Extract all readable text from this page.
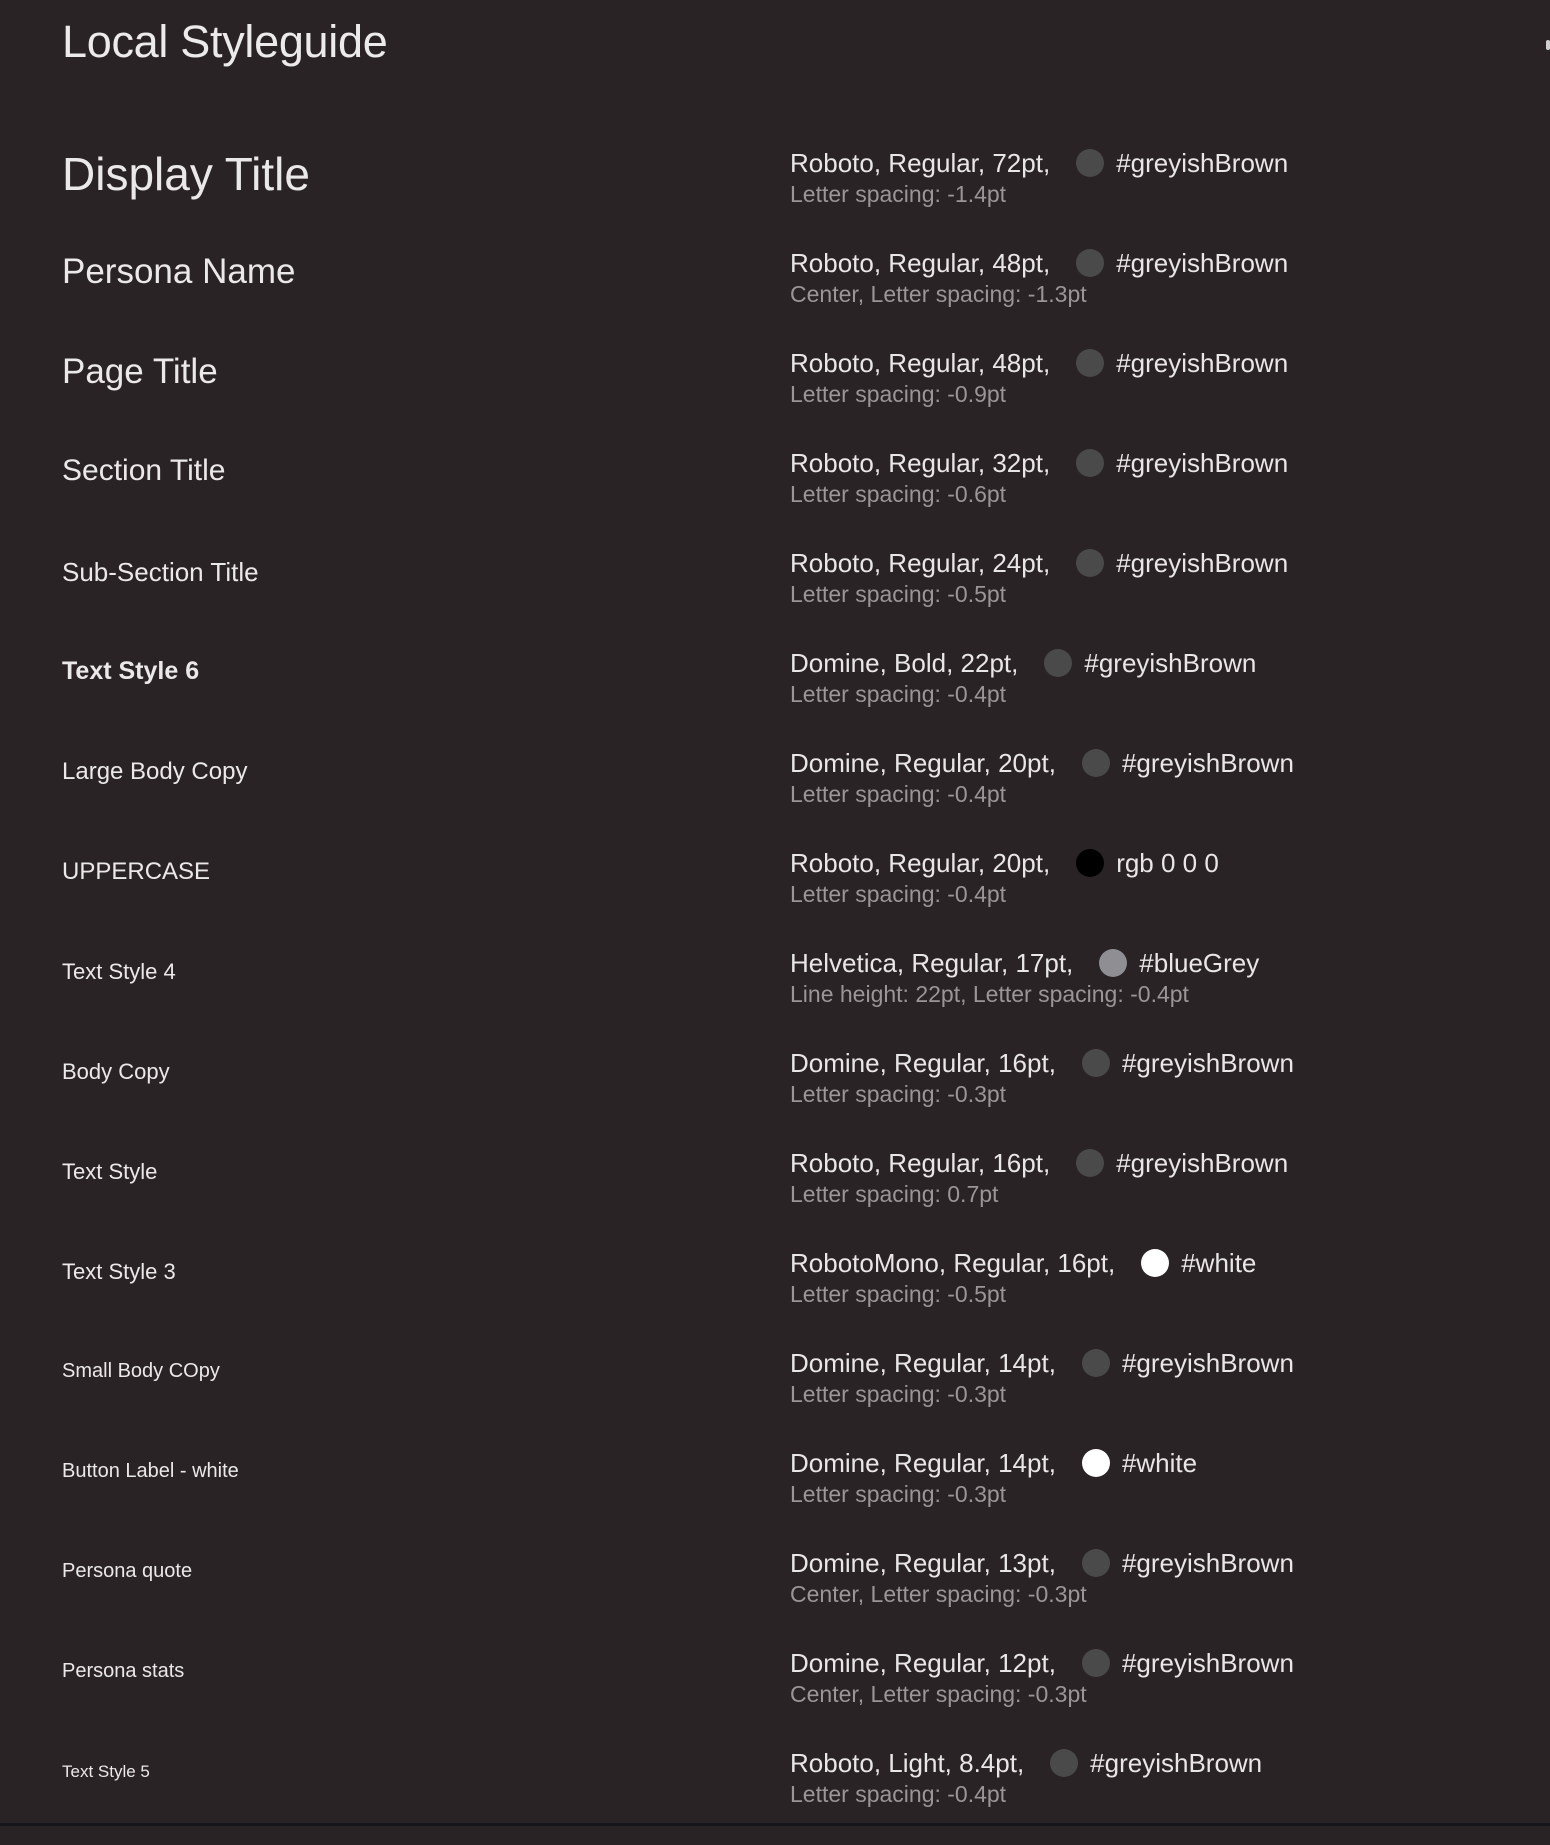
Local Styleguide
Display Title	Roboto, Regular, 72pt,	#greyishBrown
Letter spacing: -1.4pt
Persona Name	Roboto, Regular, 48pt,	#greyishBrown
Center, Letter spacing: -1.3pt
Page Title	Roboto, Regular, 48pt,	#greyishBrown
Letter spacing: -0.9pt
Section Title	Roboto, Regular, 32pt,	#greyishBrown
Letter spacing: -0.6pt
Sub-Section Title	Roboto, Regular, 24pt,	#greyishBrown
Letter spacing: -0.5pt
Text Style 6	Domine, Bold, 22pt,	#greyishBrown
Letter spacing: -0.4pt
Large Body Copy	Domine, Regular, 20pt,	#greyishBrown
Letter spacing: -0.4pt
UPPERCASE	Roboto, Regular, 20pt,	rgb 0 0 0
Letter spacing: -0.4pt
Text Style 4	Helvetica, Regular, 17pt,	#blueGrey
Line height: 22pt, Letter spacing: -0.4pt
Body Copy	Domine, Regular, 16pt,	#greyishBrown
Letter spacing: -0.3pt
Text Style	Roboto, Regular, 16pt,	#greyishBrown
Letter spacing: 0.7pt
Text Style 3	RobotoMono, Regular, 16pt,	#white
Letter spacing: -0.5pt
Small Body COpy	Domine, Regular, 14pt,	#greyishBrown
Letter spacing: -0.3pt
Button Label - white	Domine, Regular, 14pt,	#white
Letter spacing: -0.3pt
Persona quote	Domine, Regular, 13pt,	#greyishBrown
Center, Letter spacing: -0.3pt
Persona stats	Domine, Regular, 12pt,	#greyishBrown
Center, Letter spacing: -0.3pt
Text Style 5	Roboto, Light, 8.4pt,	#greyishBrown
Letter spacing: -0.4pt
